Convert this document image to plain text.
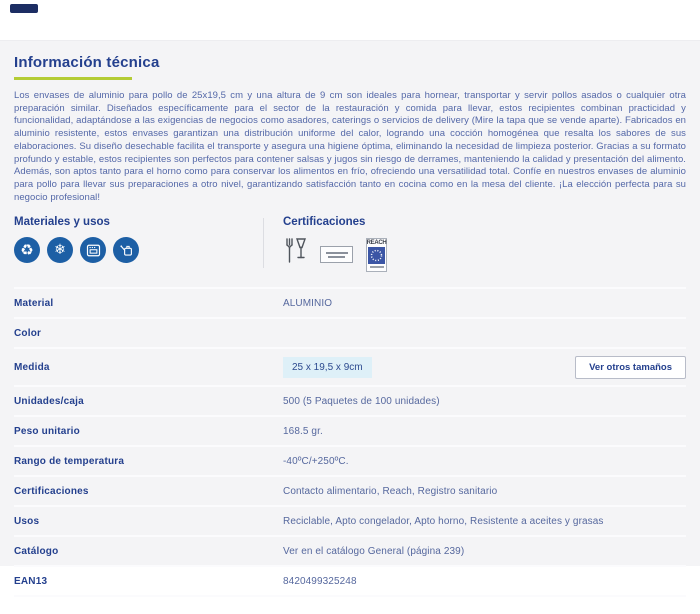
Información técnica

Los envases de aluminio para pollo de 25x19,5 cm y una altura de 9 cm son ideales para hornear, transportar y servir pollos asados o cualquier otra preparación similar. Diseñados específicamente para el sector de la restauración y comida para llevar, estos recipientes combinan practicidad y funcionalidad, adaptándose a las exigencias de negocios como asadores, caterings o servicios de delivery (Mire la tapa que se vende aparte). Fabricados en aluminio resistente, estos envases garantizan una distribución uniforme del calor, logrando una cocción homogénea que resalta los sabores de sus elaboraciones. Su diseño desechable facilita el transporte y asegura una higiene óptima, eliminando la necesidad de limpieza posterior. Gracias a su formato profundo y estable, estos recipientes son perfectos para contener salsas y jugos sin riesgo de derrames, manteniendo la calidad y presentación del alimento. Además, son aptos tanto para el horno como para conservar los alimentos en frío, ofreciendo una versatilidad total. Confíe en nuestros envases de aluminio para pollo para llevar sus preparaciones a otro nivel, garantizando satisfacción tanto en cocina como en la mesa del cliente. ¡La elección perfecta para su negocio profesional!

Materiales y usos
♻ ❄
Certificaciones
REACH
Material	ALUMINIO
Color
Medida	25 x 19,5 x 9cm	Ver otros tamaños
Unidades/caja	500 (5 Paquetes de 100 unidades)
Peso unitario	168.5 gr.
Rango de temperatura	-40ºC/+250ºC.
Certificaciones	Contacto alimentario, Reach, Registro sanitario
Usos	Reciclable, Apto congelador, Apto horno, Resistente a aceites y grasas
Catálogo	Ver en el catálogo General (página 239)
EAN13	8420499325248
